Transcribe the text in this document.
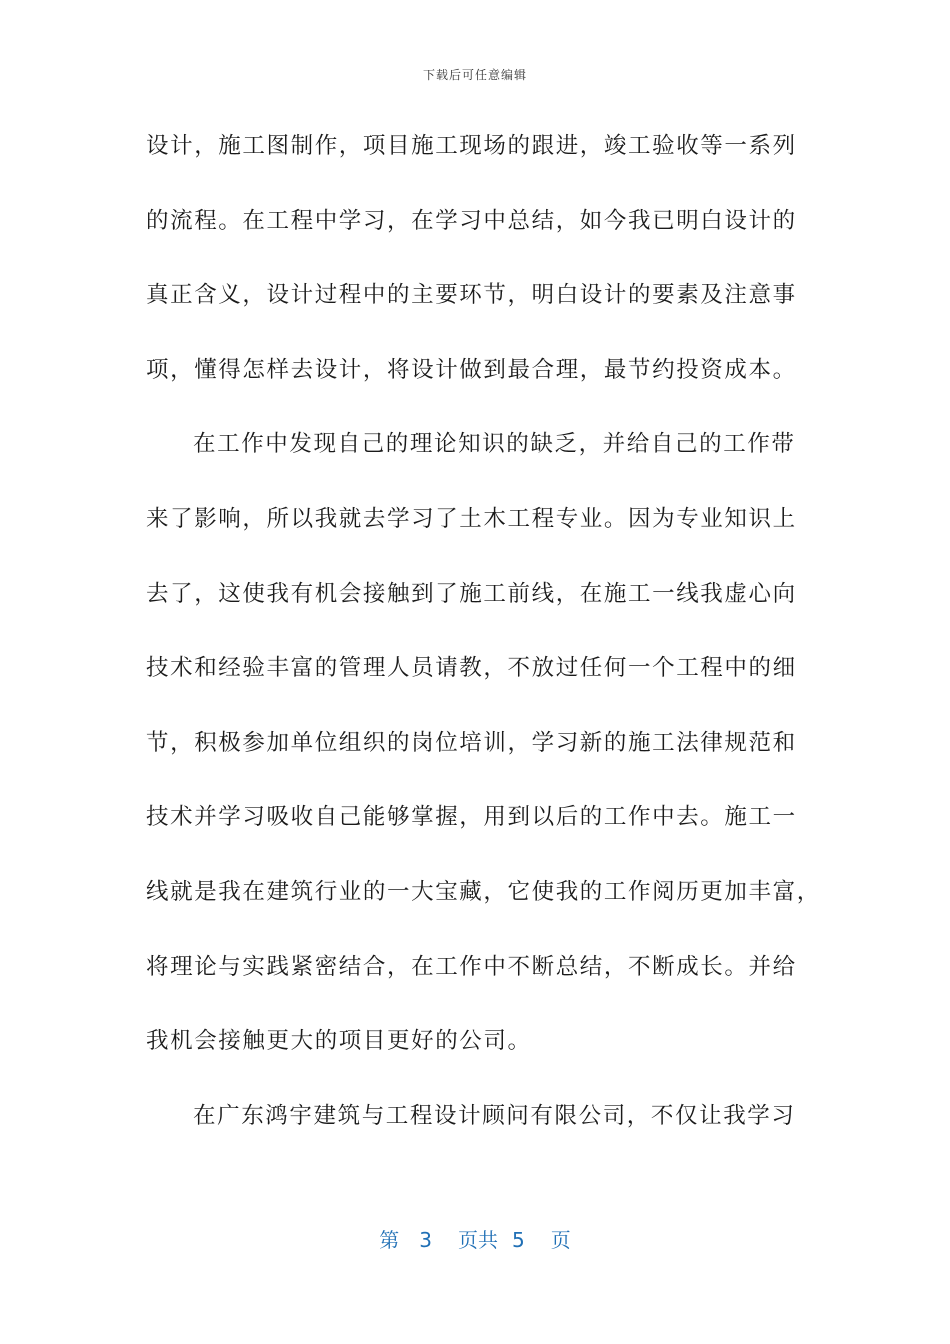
下载后可任意编辑
设计，施工图制作，项目施工现场的跟进，竣工验收等一系列
的流程。在工程中学习，在学习中总结，如今我已明白设计的
真正含义，设计过程中的主要环节，明白设计的要素及注意事
项，懂得怎样去设计，将设计做到最合理，最节约投资成本。
在工作中发现自己的理论知识的缺乏，并给自己的工作带
来了影响，所以我就去学习了土木工程专业。因为专业知识上
去了，这使我有机会接触到了施工前线，在施工一线我虚心向
技术和经验丰富的管理人员请教，不放过任何一个工程中的细
节，积极参加单位组织的岗位培训，学习新的施工法律规范和
技术并学习吸收自己能够掌握，用到以后的工作中去。施工一
线就是我在建筑行业的一大宝藏，它使我的工作阅历更加丰富，
将理论与实践紧密结合，在工作中不断总结，不断成长。并给
我机会接触更大的项目更好的公司。
在广东鸿宇建筑与工程设计顾问有限公司，不仅让我学习
第 3 页共 5 页
